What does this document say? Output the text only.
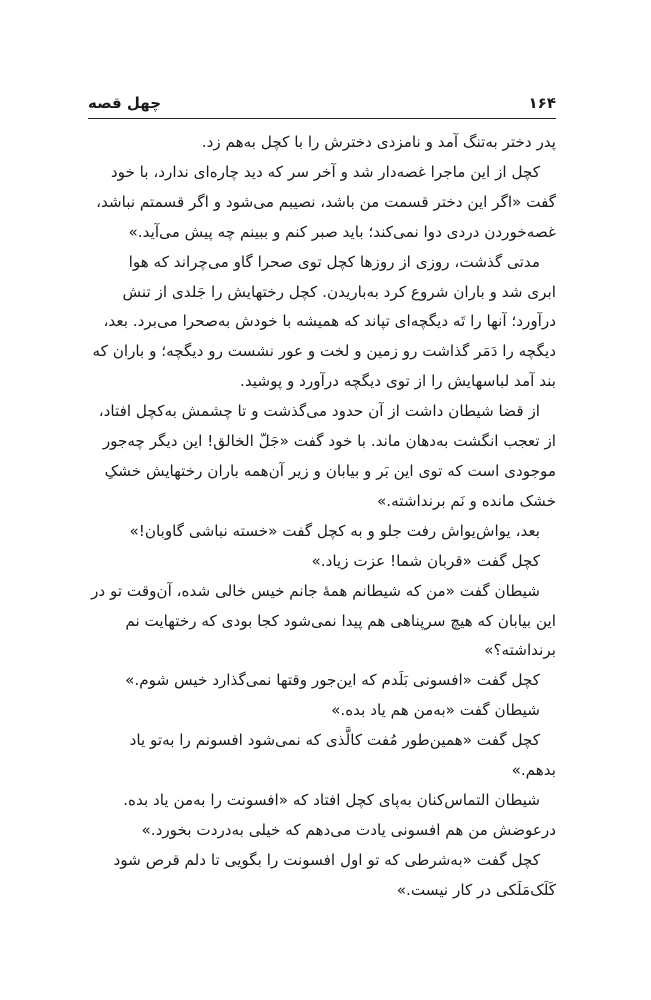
۱۶۴
چهل قصه

پدر دختر به‌تنگ آمد و نامزدی دخترش را با کچل به‌هم زد.

کچل از این ماجرا غصه‌دار شد و آخر سر که دید چاره‌ای ندارد، با خود

گفت «اگر این دختر قسمت من باشد، نصیبم می‌شود و اگر قسمتم نباشد،

غصه‌خوردن دردی دوا نمی‌کند؛ باید صبر کنم و ببینم چه پیش می‌آید.»

مدتی گذشت، روزی از روزها کچل توی صحرا گاو می‌چراند که هوا

ابری شد و باران شروع کرد به‌باریدن. کچل رختهایش را جَلدی از تنش

درآورد؛ آنها را تَه دیگچه‌ای تپاند که همیشه با خودش به‌صحرا می‌برد. بعد،

دیگچه را دَمَر گذاشت رو زمین و لخت و عور نشست رو دیگچه؛ و باران که

بند آمد لباسهایش را از توی دیگچه درآورد و پوشید.

از قضا شیطان داشت از آن حدود می‌گذشت و تا چشمش به‌کچل افتاد،

از تعجب انگشت به‌دهان ماند. با خود گفت «جَلّ الخالق! این دیگر چه‌جور

موجودی است که توی این بَر و بیابان و زیر آن‌همه باران رختهایش خشکِ

خشک مانده و نَم برنداشته.»

بعد، یواش‌یواش رفت جلو و به کچل گفت «خسته نباشی گاوبان!»

کچل گفت «قربان شما! عزت زیاد.»

شیطان گفت «من که شیطانم همهٔ جانم خیس خالی شده، آن‌وقت تو در

این بیابان که هیچ سرپناهی هم پیدا نمی‌شود کجا بودی که رختهایت نم

برنداشته؟»

کچل گفت «افسونی بَلَدم که این‌جور وقتها نمی‌گذارد خیس شوم.»

شیطان گفت «به‌من هم یاد بده.»

کچل گفت «همین‌طور مُفت کالَّذی که نمی‌شود افسونم را به‌تو یاد

بدهم.»

شیطان التماس‌کنان به‌پای کچل افتاد که «افسونت را به‌من یاد بده.

درعوضش من هم افسونی یادت می‌دهم که خیلی به‌دردت بخورد.»

کچل گفت «به‌شرطی که تو اول افسونت را بگویی تا دلم قرص شود

کَلَک‌مَلَکی در کار نیست.»
